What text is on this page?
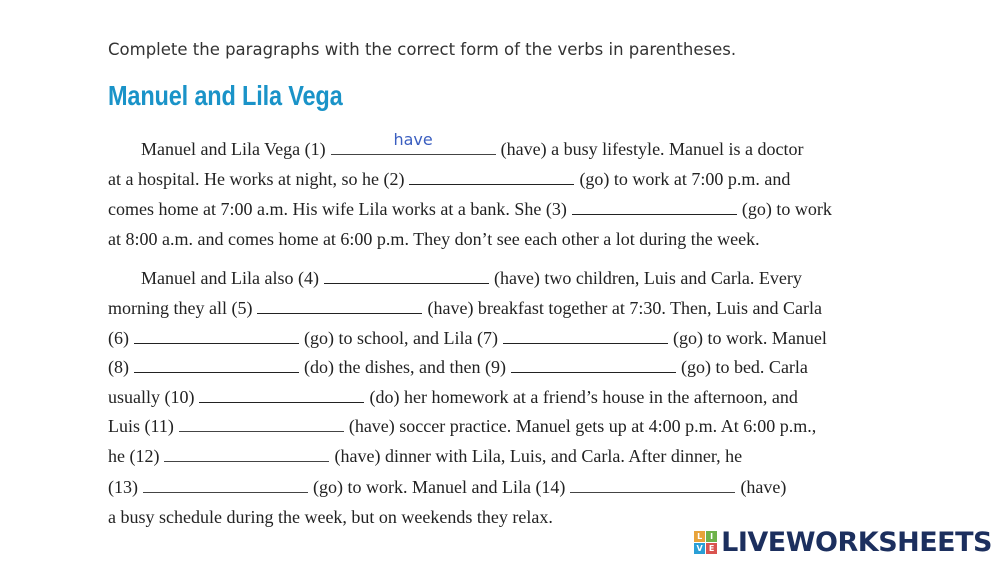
Complete the paragraphs with the correct form of the verbs in parentheses.
Manuel and Lila Vega
Manuel and Lila Vega (1)	have	(have) a busy lifestyle. Manuel is a doctor
at a hospital. He works at night, so he (2)	(go) to work at 7:00 p.m. and
comes home at 7:00 a.m. His wife Lila works at a bank. She (3)	(go) to work
at 8:00 a.m. and comes home at 6:00 p.m. They don’t see each other a lot during the week.
Manuel and Lila also (4)	(have) two children, Luis and Carla. Every
morning they all (5)	(have) breakfast together at 7:30. Then, Luis and Carla
(6)	(go) to school, and Lila (7)	(go) to work. Manuel
(8)	(do) the dishes, and then (9)	(go) to bed. Carla
usually (10)	(do) her homework at a friend’s house in the afternoon, and
Luis (11)	(have) soccer practice. Manuel gets up at 4:00 p.m. At 6:00 p.m.,
he (12)	(have) dinner with Lila, Luis, and Carla. After dinner, he
(13)	(go) to work. Manuel and Lila (14)	(have)
a busy schedule during the week, but on weekends they relax.
L I
V E LIVEWORKSHEETS
